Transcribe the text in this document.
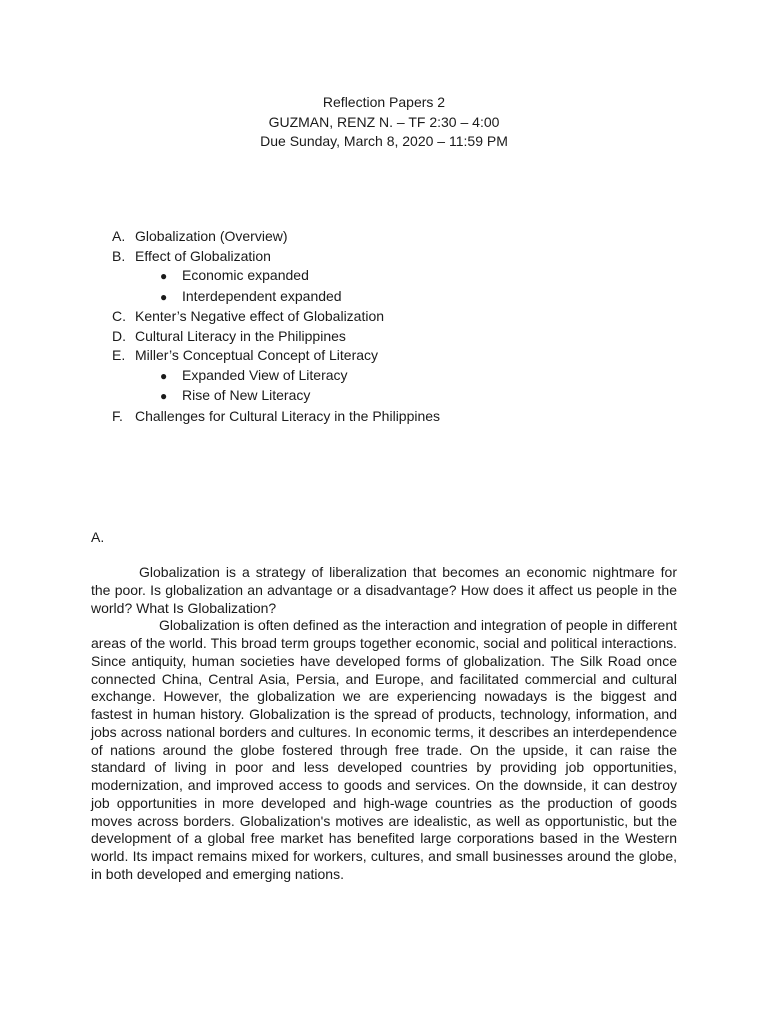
Reflection Papers 2
GUZMAN, RENZ N. – TF 2:30 – 4:00
Due Sunday, March 8, 2020 – 11:59 PM
A. Globalization (Overview)
B. Effect of Globalization
● Economic expanded
● Interdependent expanded
C. Kenter’s Negative effect of Globalization
D. Cultural Literacy in the Philippines
E. Miller’s Conceptual Concept of Literacy
● Expanded View of Literacy
● Rise of New Literacy
F. Challenges for Cultural Literacy in the Philippines
A.

Globalization is a strategy of liberalization that becomes an economic nightmare for the poor. Is globalization an advantage or a disadvantage? How does it affect us people in the world? What Is Globalization?

Globalization is often defined as the interaction and integration of people in different areas of the world. This broad term groups together economic, social and political interactions. Since antiquity, human societies have developed forms of globalization. The Silk Road once connected China, Central Asia, Persia, and Europe, and facilitated commercial and cultural exchange. However, the globalization we are experiencing nowadays is the biggest and fastest in human history. Globalization is the spread of products, technology, information, and jobs across national borders and cultures. In economic terms, it describes an interdependence of nations around the globe fostered through free trade. On the upside, it can raise the standard of living in poor and less developed countries by providing job opportunities, modernization, and improved access to goods and services. On the downside, it can destroy job opportunities in more developed and high-wage countries as the production of goods moves across borders. Globalization's motives are idealistic, as well as opportunistic, but the development of a global free market has benefited large corporations based in the Western world. Its impact remains mixed for workers, cultures, and small businesses around the globe, in both developed and emerging nations.
